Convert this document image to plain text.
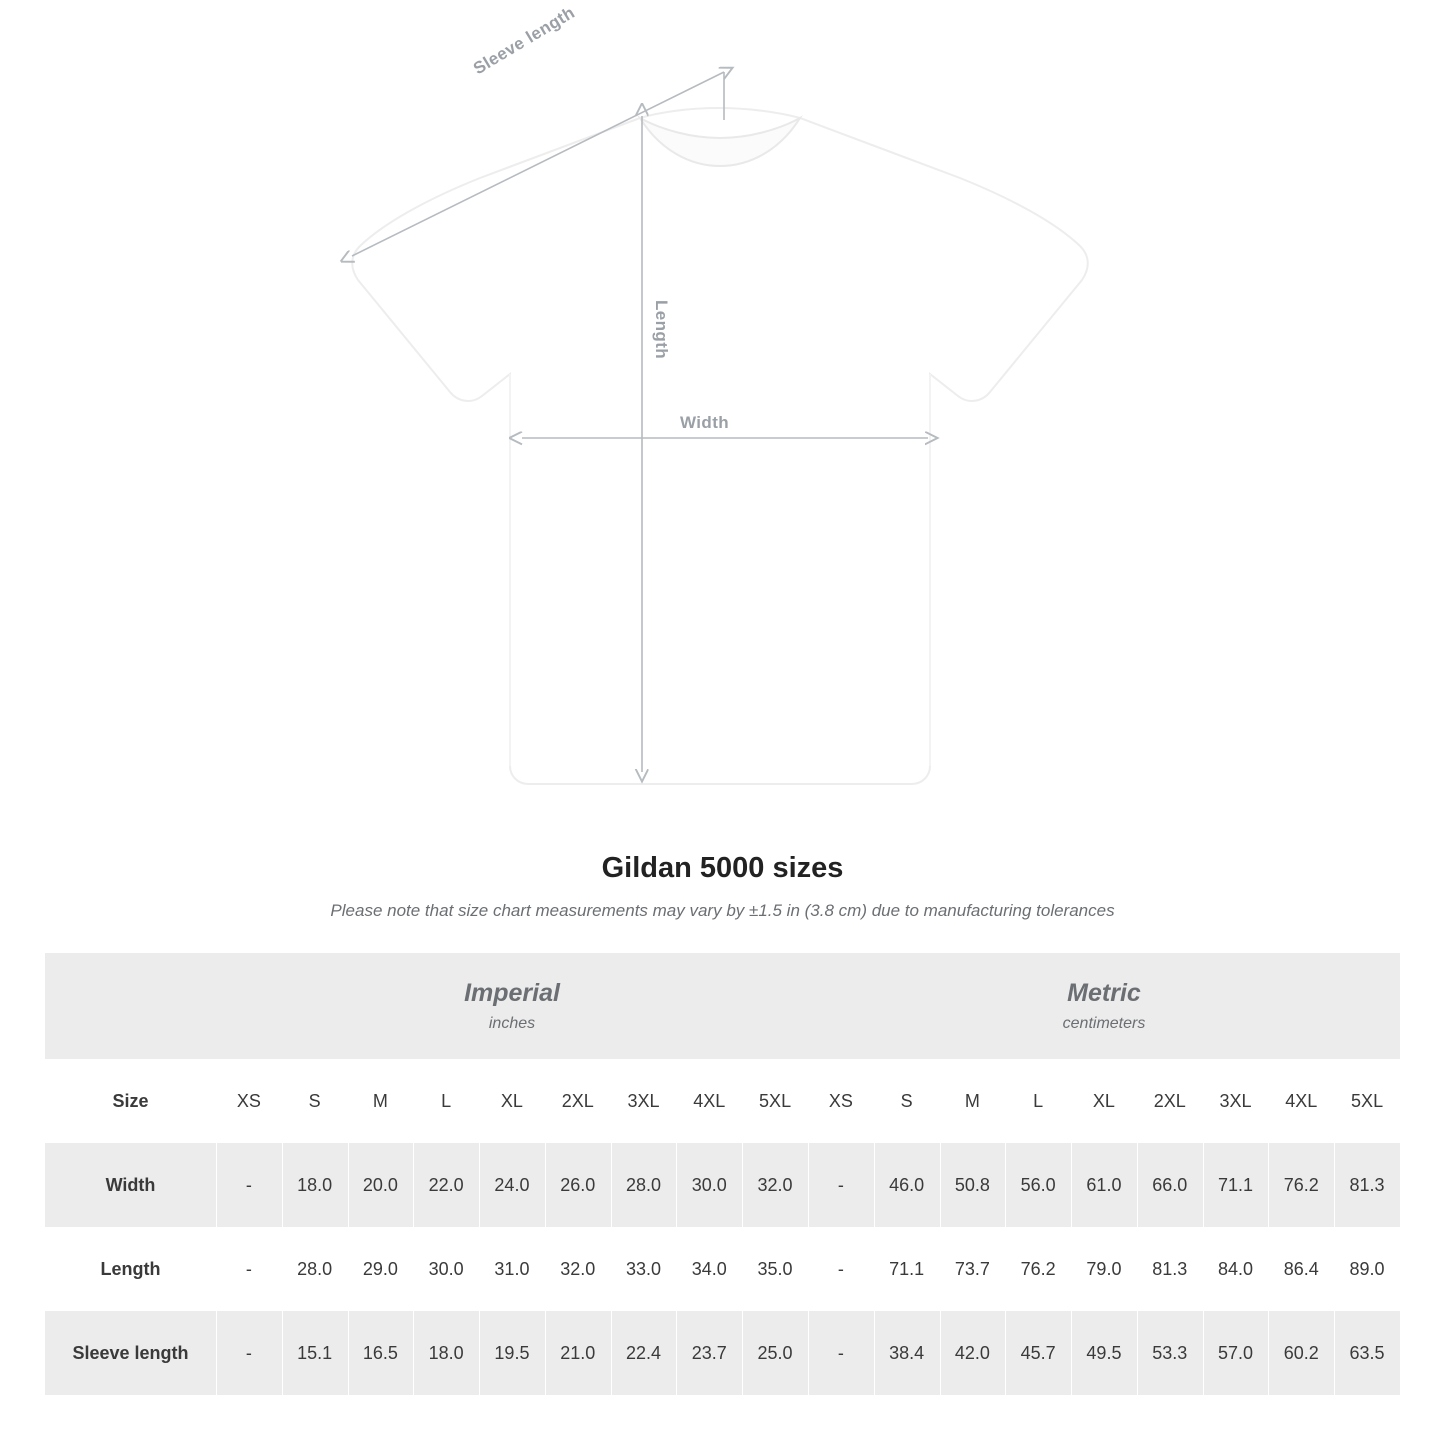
Sleeve length
Length
Width
Gildan 5000 sizes

Please note that size chart measurements may vary by ±1.5 in (3.8 cm) due to manufacturing tolerances

	Imperial
inches									Metric
centimeters								

Size	XS	S	M	L	XL	2XL	3XL	4XL	5XL	XS	S	M	L	XL	2XL	3XL	4XL	5XL
Width	-	18.0	20.0	22.0	24.0	26.0	28.0	30.0	32.0	-	46.0	50.8	56.0	61.0	66.0	71.1	76.2	81.3
Length	-	28.0	29.0	30.0	31.0	32.0	33.0	34.0	35.0	-	71.1	73.7	76.2	79.0	81.3	84.0	86.4	89.0
Sleeve length	-	15.1	16.5	18.0	19.5	21.0	22.4	23.7	25.0	-	38.4	42.0	45.7	49.5	53.3	57.0	60.2	63.5
